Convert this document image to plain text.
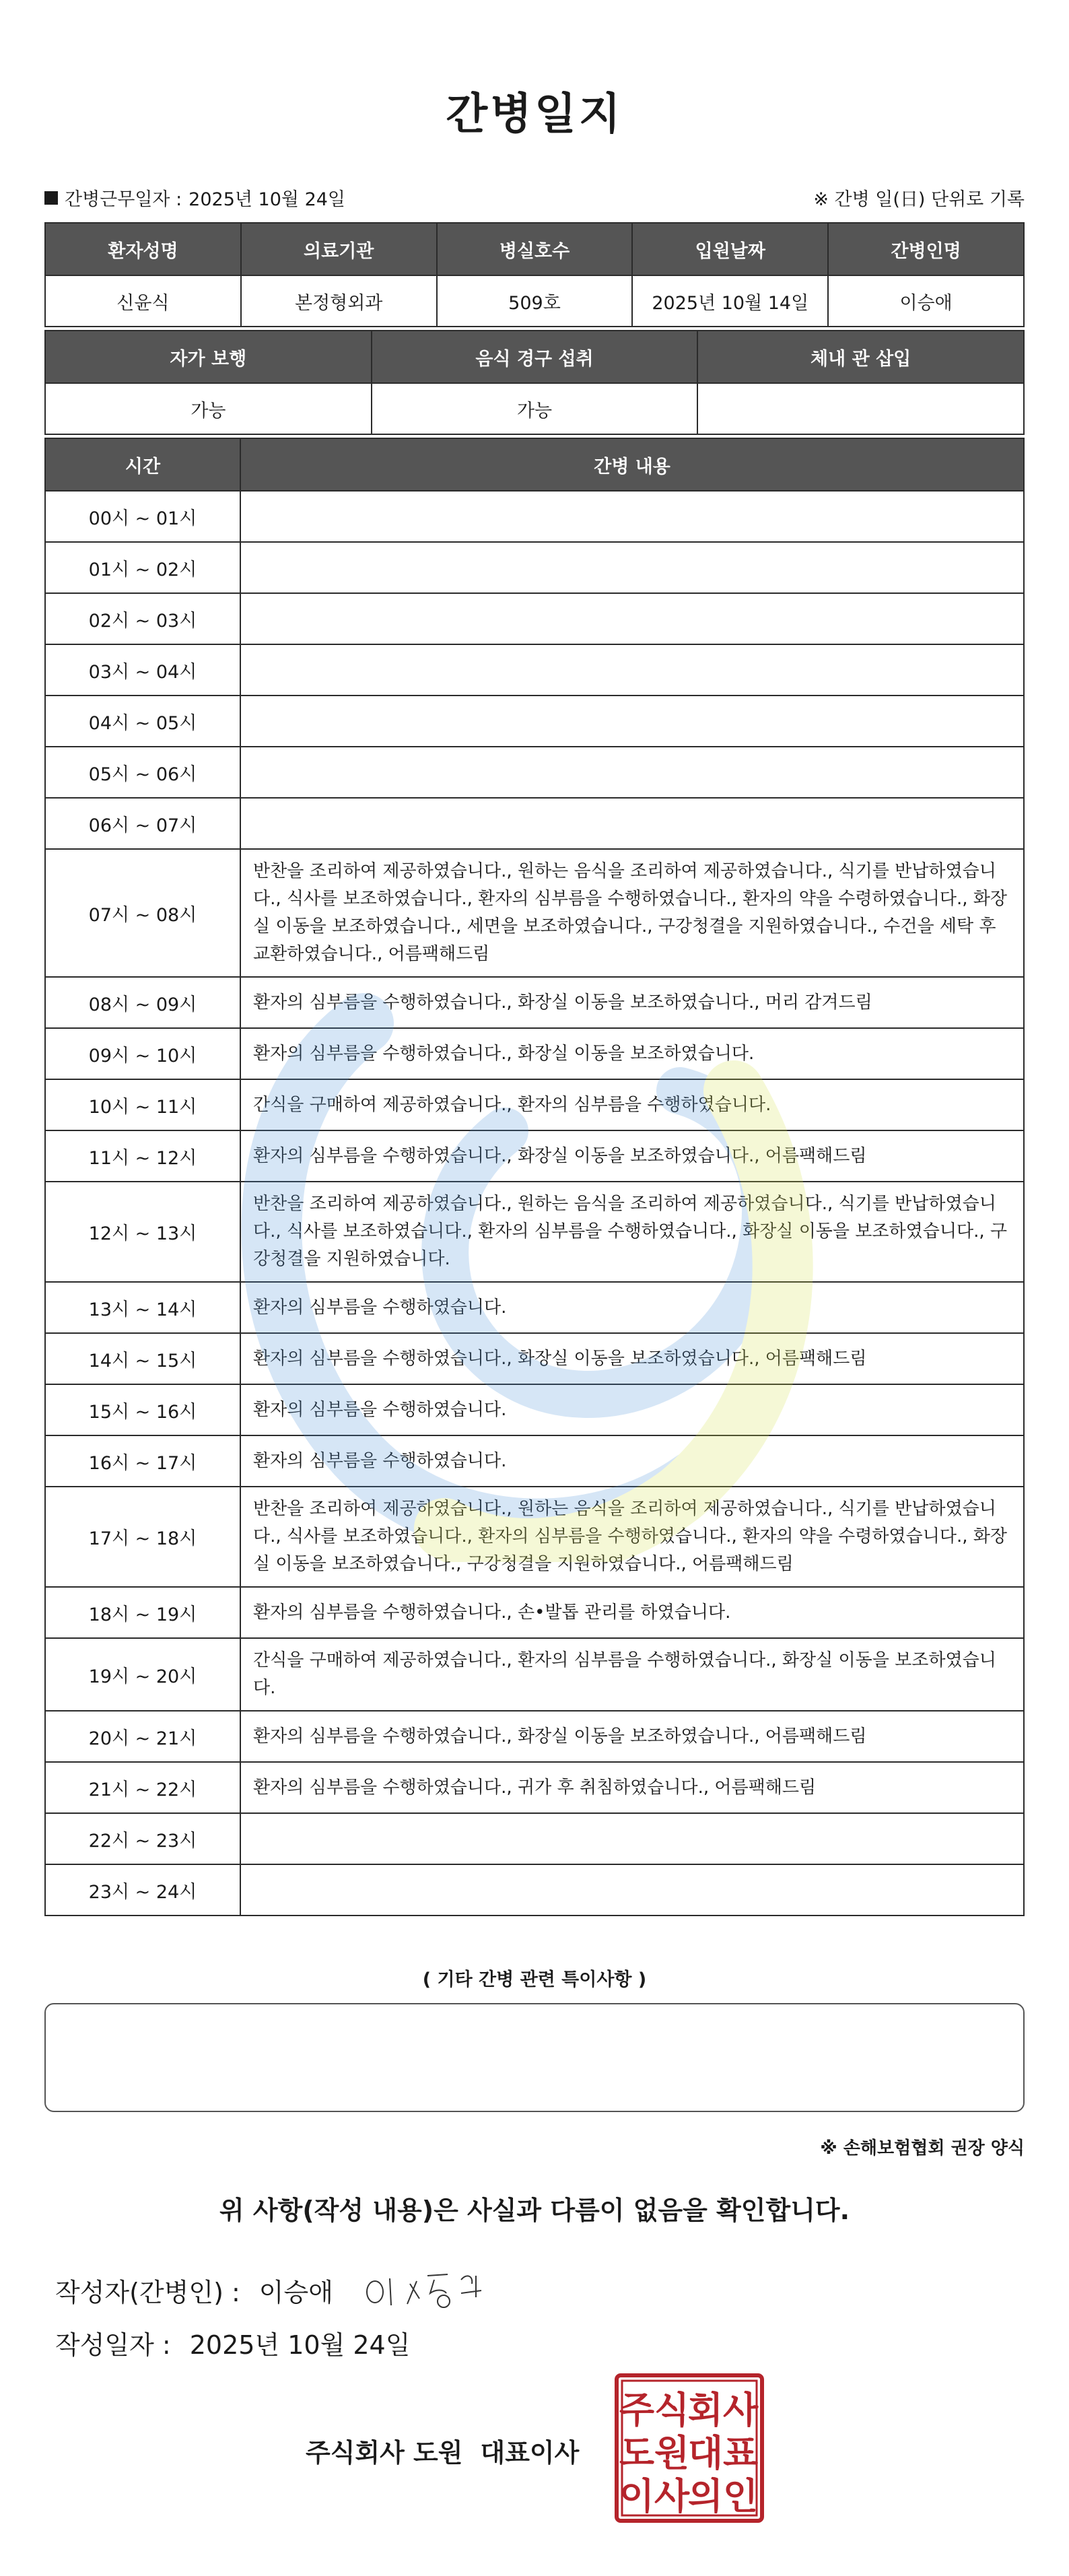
간병일지
간병근무일자 : 2025년 10월 24일	※ 간병 일(日) 단위로 기록
환자성명	의료기관	병실호수	입원날짜	간병인명
신윤식	본정형외과	509호	2025년 10월 14일	이승애
자가 보행	음식 경구 섭취	체내 관 삽입
가능	가능	
시간	간병 내용
00시 ~ 01시	
01시 ~ 02시	
02시 ~ 03시	
03시 ~ 04시	
04시 ~ 05시	
05시 ~ 06시	
06시 ~ 07시	
07시 ~ 08시	반찬을 조리하여 제공하였습니다., 원하는 음식을 조리하여 제공하였습니다., 식기를 반납하였습니다., 식사를 보조하였습니다., 환자의 심부름을 수행하였습니다., 환자의 약을 수령하였습니다., 화장실 이동을 보조하였습니다., 세면을 보조하였습니다., 구강청결을 지원하였습니다., 수건을 세탁 후 교환하였습니다., 어름팩해드림
08시 ~ 09시	환자의 심부름을 수행하였습니다., 화장실 이동을 보조하였습니다., 머리 감겨드림
09시 ~ 10시	환자의 심부름을 수행하였습니다., 화장실 이동을 보조하였습니다.
10시 ~ 11시	간식을 구매하여 제공하였습니다., 환자의 심부름을 수행하였습니다.
11시 ~ 12시	환자의 심부름을 수행하였습니다., 화장실 이동을 보조하였습니다., 어름팩해드림
12시 ~ 13시	반찬을 조리하여 제공하였습니다., 원하는 음식을 조리하여 제공하였습니다., 식기를 반납하였습니다., 식사를 보조하였습니다., 환자의 심부름을 수행하였습니다., 화장실 이동을 보조하였습니다., 구강청결을 지원하였습니다.
13시 ~ 14시	환자의 심부름을 수행하였습니다.
14시 ~ 15시	환자의 심부름을 수행하였습니다., 화장실 이동을 보조하였습니다., 어름팩해드림
15시 ~ 16시	환자의 심부름을 수행하였습니다.
16시 ~ 17시	환자의 심부름을 수행하였습니다.
17시 ~ 18시	반찬을 조리하여 제공하였습니다., 원하는 음식을 조리하여 제공하였습니다., 식기를 반납하였습니다., 식사를 보조하였습니다., 환자의 심부름을 수행하였습니다., 환자의 약을 수령하였습니다., 화장실 이동을 보조하였습니다., 구강청결을 지원하였습니다., 어름팩해드림
18시 ~ 19시	환자의 심부름을 수행하였습니다., 손•발톱 관리를 하였습니다.
19시 ~ 20시	간식을 구매하여 제공하였습니다., 환자의 심부름을 수행하였습니다., 화장실 이동을 보조하였습니다.
20시 ~ 21시	환자의 심부름을 수행하였습니다., 화장실 이동을 보조하였습니다., 어름팩해드림
21시 ~ 22시	환자의 심부름을 수행하였습니다., 귀가 후 취침하였습니다., 어름팩해드림
22시 ~ 23시	
23시 ~ 24시	
( 기타 간병 관련 특이사항 )
※ 손해보험협회 권장 양식
위 사항(작성 내용)은 사실과 다름이 없음을 확인합니다.
작성자(간병인) : 이승애
작성일자 : 2025년 10월 24일
주식회사 도원 대표이사
주식
회사
도원
대표
이사
의인
